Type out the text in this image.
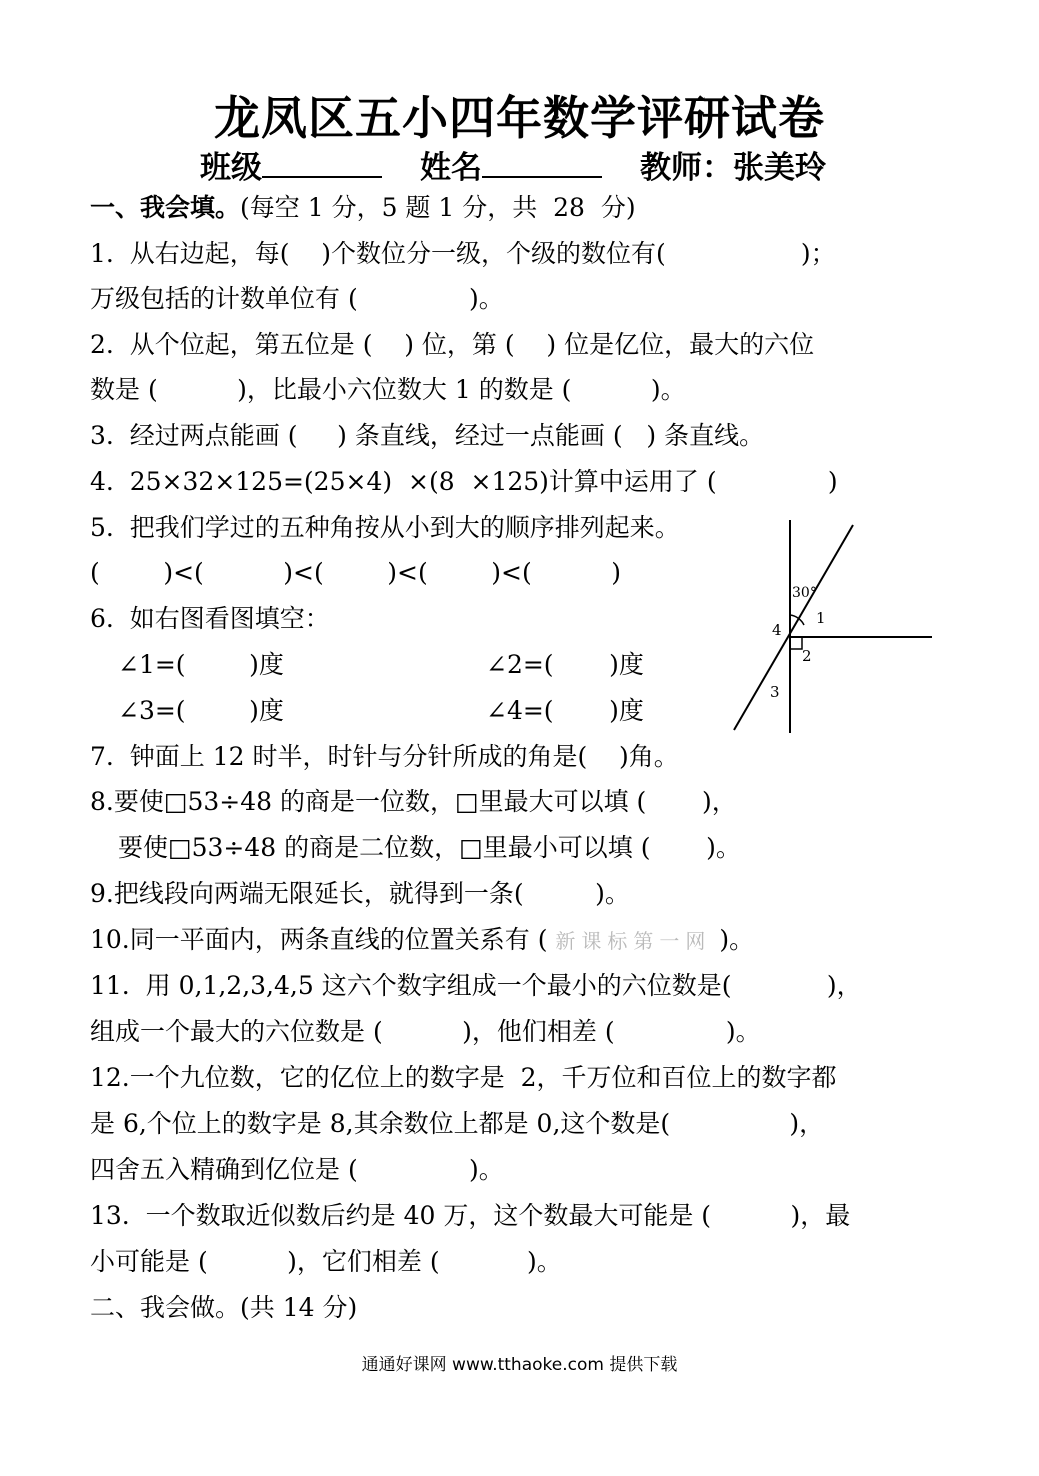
龙凤区五小四年数学评研试卷
班级	姓名	教师：张美玲
一、我会填。(每空 1 分，5 题 1 分，共  28  分)
1.  从右边起，每(    )个数位分一级，个级的数位有(                 )；
万级包括的计数单位有 (              )。
2.  从个位起，第五位是 (    ) 位，第 (    ) 位是亿位，最大的六位
数是 (          )，比最小六位数大 1 的数是 (          )。
3.  经过两点能画 (     ) 条直线，经过一点能画 (   ) 条直线。
4.  25×32×125=(25×4)  ×(8  ×125)计算中运用了 (              )
5.  把我们学过的五种角按从小到大的顺序排列起来。
(        )<(          )<(        )<(        )<(          )
6.  如右图看图填空：
∠1=(        )度	∠2=(       )度
∠3=(        )度	∠4=(       )度
7.  钟面上 12 时半，时针与分针所成的角是(    )角。
8.要使□53÷48 的商是一位数，□里最大可以填 (       )，
要使□53÷48 的商是二位数，□里最小可以填 (       )。
9.把线段向两端无限延长，就得到一条(         )。
10.同一平面内，两条直线的位置关系有 ( 新课标第一网 )。
11.  用 0,1,2,3,4,5 这六个数字组成一个最小的六位数是(            )，
组成一个最大的六位数是 (          )，他们相差 (              )。
12.一个九位数，它的亿位上的数字是  2，千万位和百位上的数字都
是 6,个位上的数字是 8,其余数位上都是 0,这个数是(               )，
四舍五入精确到亿位是 (              )。
13.  一个数取近似数后约是 40 万，这个数最大可能是 (          )，最
小可能是 (          )，它们相差 (           )。
二、我会做。(共 14 分)
30°
1
2
3
4
通通好课网 www.tthaoke.com 提供下载
